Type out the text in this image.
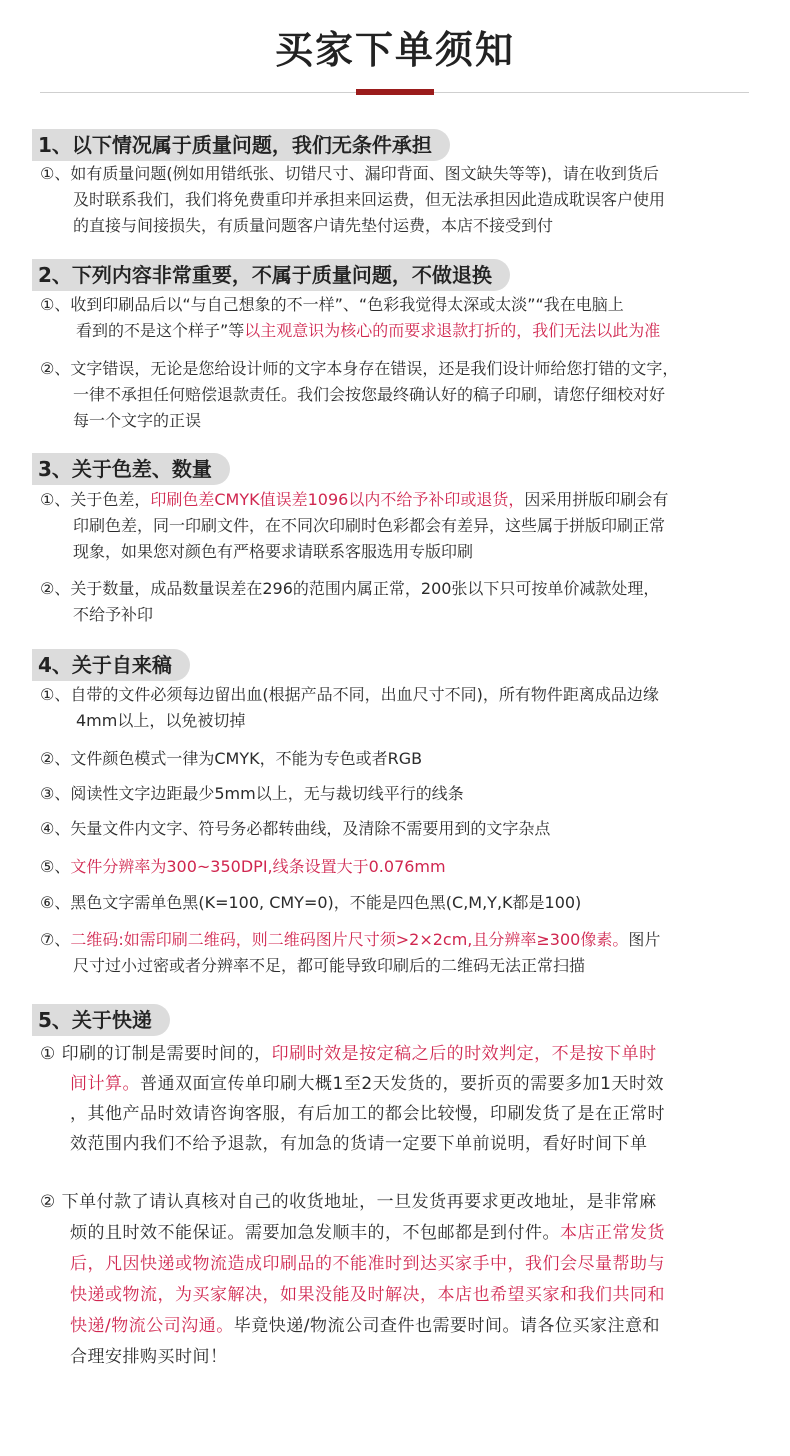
买家下单须知
1、以下情况属于质量问题，我们无条件承担
①、如有质量问题(例如用错纸张、切错尺寸、漏印背面、图文缺失等等)，请在收到货后
及时联系我们，我们将免费重印并承担来回运费，但无法承担因此造成耽误客户使用
的直接与间接损失，有质量问题客户请先垫付运费，本店不接受到付
2、下列内容非常重要，不属于质量问题，不做退换
①、收到印刷品后以“与自己想象的不一样”、“色彩我觉得太深或太淡”“我在电脑上
看到的不是这个样子”等以主观意识为核心的而要求退款打折的，我们无法以此为准
②、文字错误，无论是您给设计师的文字本身存在错误，还是我们设计师给您打错的文字，
一律不承担任何赔偿退款责任。我们会按您最终确认好的稿子印刷，请您仔细校对好
每一个文字的正误
3、关于色差、数量
①、关于色差，印刷色差CMYK值误差1096以内不给予补印或退货，因采用拼版印刷会有
印刷色差，同一印刷文件，在不同次印刷时色彩都会有差异，这些属于拼版印刷正常
现象，如果您对颜色有严格要求请联系客服选用专版印刷
②、关于数量，成品数量误差在296的范围内属正常，200张以下只可按单价减款处理，
不给予补印
4、关于自来稿
①、自带的文件必须每边留出血(根据产品不同，出血尺寸不同)，所有物件距离成品边缘
4mm以上，以免被切掉
②、文件颜色模式一律为CMYK，不能为专色或者RGB
③、阅读性文字边距最少5mm以上，无与裁切线平行的线条
④、矢量文件内文字、符号务必都转曲线，及清除不需要用到的文字杂点
⑤、文件分辨率为300~350DPI,线条设置大于0.076mm
⑥、黑色文字需单色黑(K=100, CMY=0)，不能是四色黑(C,M,Y,K都是100)
⑦、二维码:如需印刷二维码，则二维码图片尺寸须>2×2cm,且分辨率≥300像素。图片
尺寸过小过密或者分辨率不足，都可能导致印刷后的二维码无法正常扫描
5、关于快递
① 印刷的订制是需要时间的，印刷时效是按定稿之后的时效判定，不是按下单时
间计算。普通双面宣传单印刷大概1至2天发货的，要折页的需要多加1天时效
，其他产品时效请咨询客服，有后加工的都会比较慢，印刷发货了是在正常时
效范围内我们不给予退款，有加急的货请一定要下单前说明，看好时间下单
② 下单付款了请认真核对自己的收货地址，一旦发货再要求更改地址，是非常麻
烦的且时效不能保证。需要加急发顺丰的，不包邮都是到付件。本店正常发货
后，凡因快递或物流造成印刷品的不能准时到达买家手中，我们会尽量帮助与
快递或物流，为买家解决，如果没能及时解决，本店也希望买家和我们共同和
快递/物流公司沟通。毕竟快递/物流公司查件也需要时间。请各位买家注意和
合理安排购买时间！
